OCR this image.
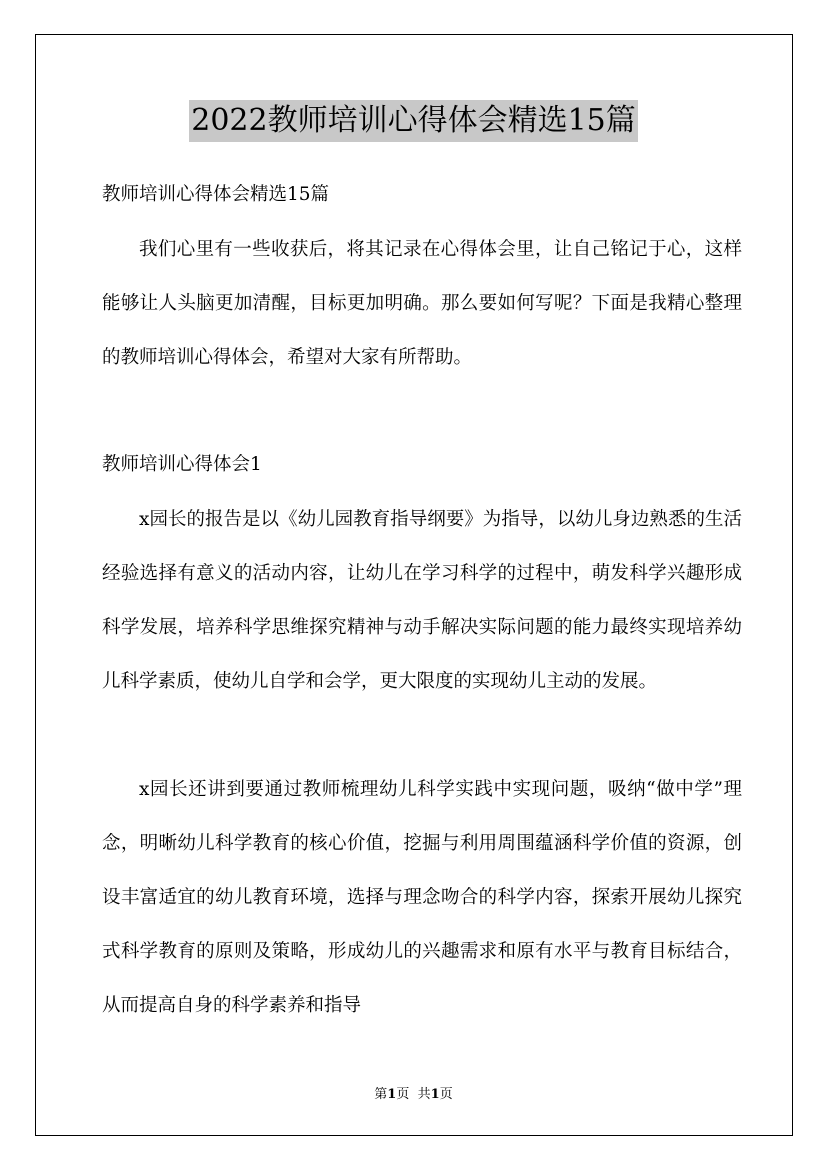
2022教师培训心得体会精选15篇
教师培训心得体会精选15篇

我们心里有一些收获后，将其记录在心得体会里，让自己铭记于心，这样能够让人头脑更加清醒，目标更加明确。那么要如何写呢？下面是我精心整理的教师培训心得体会，希望对大家有所帮助。

教师培训心得体会1

x园长的报告是以《幼儿园教育指导纲要》为指导，以幼儿身边熟悉的生活经验选择有意义的活动内容，让幼儿在学习科学的过程中，萌发科学兴趣形成科学发展，培养科学思维探究精神与动手解决实际问题的能力最终实现培养幼儿科学素质，使幼儿自学和会学，更大限度的实现幼儿主动的发展。

x园长还讲到要通过教师梳理幼儿科学实践中实现问题，吸纳“做中学”理念，明晰幼儿科学教育的核心价值，挖掘与利用周围蕴涵科学价值的资源，创设丰富适宜的幼儿教育环境，选择与理念吻合的科学内容，探索开展幼儿探究式科学教育的原则及策略，形成幼儿的兴趣需求和原有水平与教育目标结合，从而提高自身的科学素养和指导

第1页 共1页
